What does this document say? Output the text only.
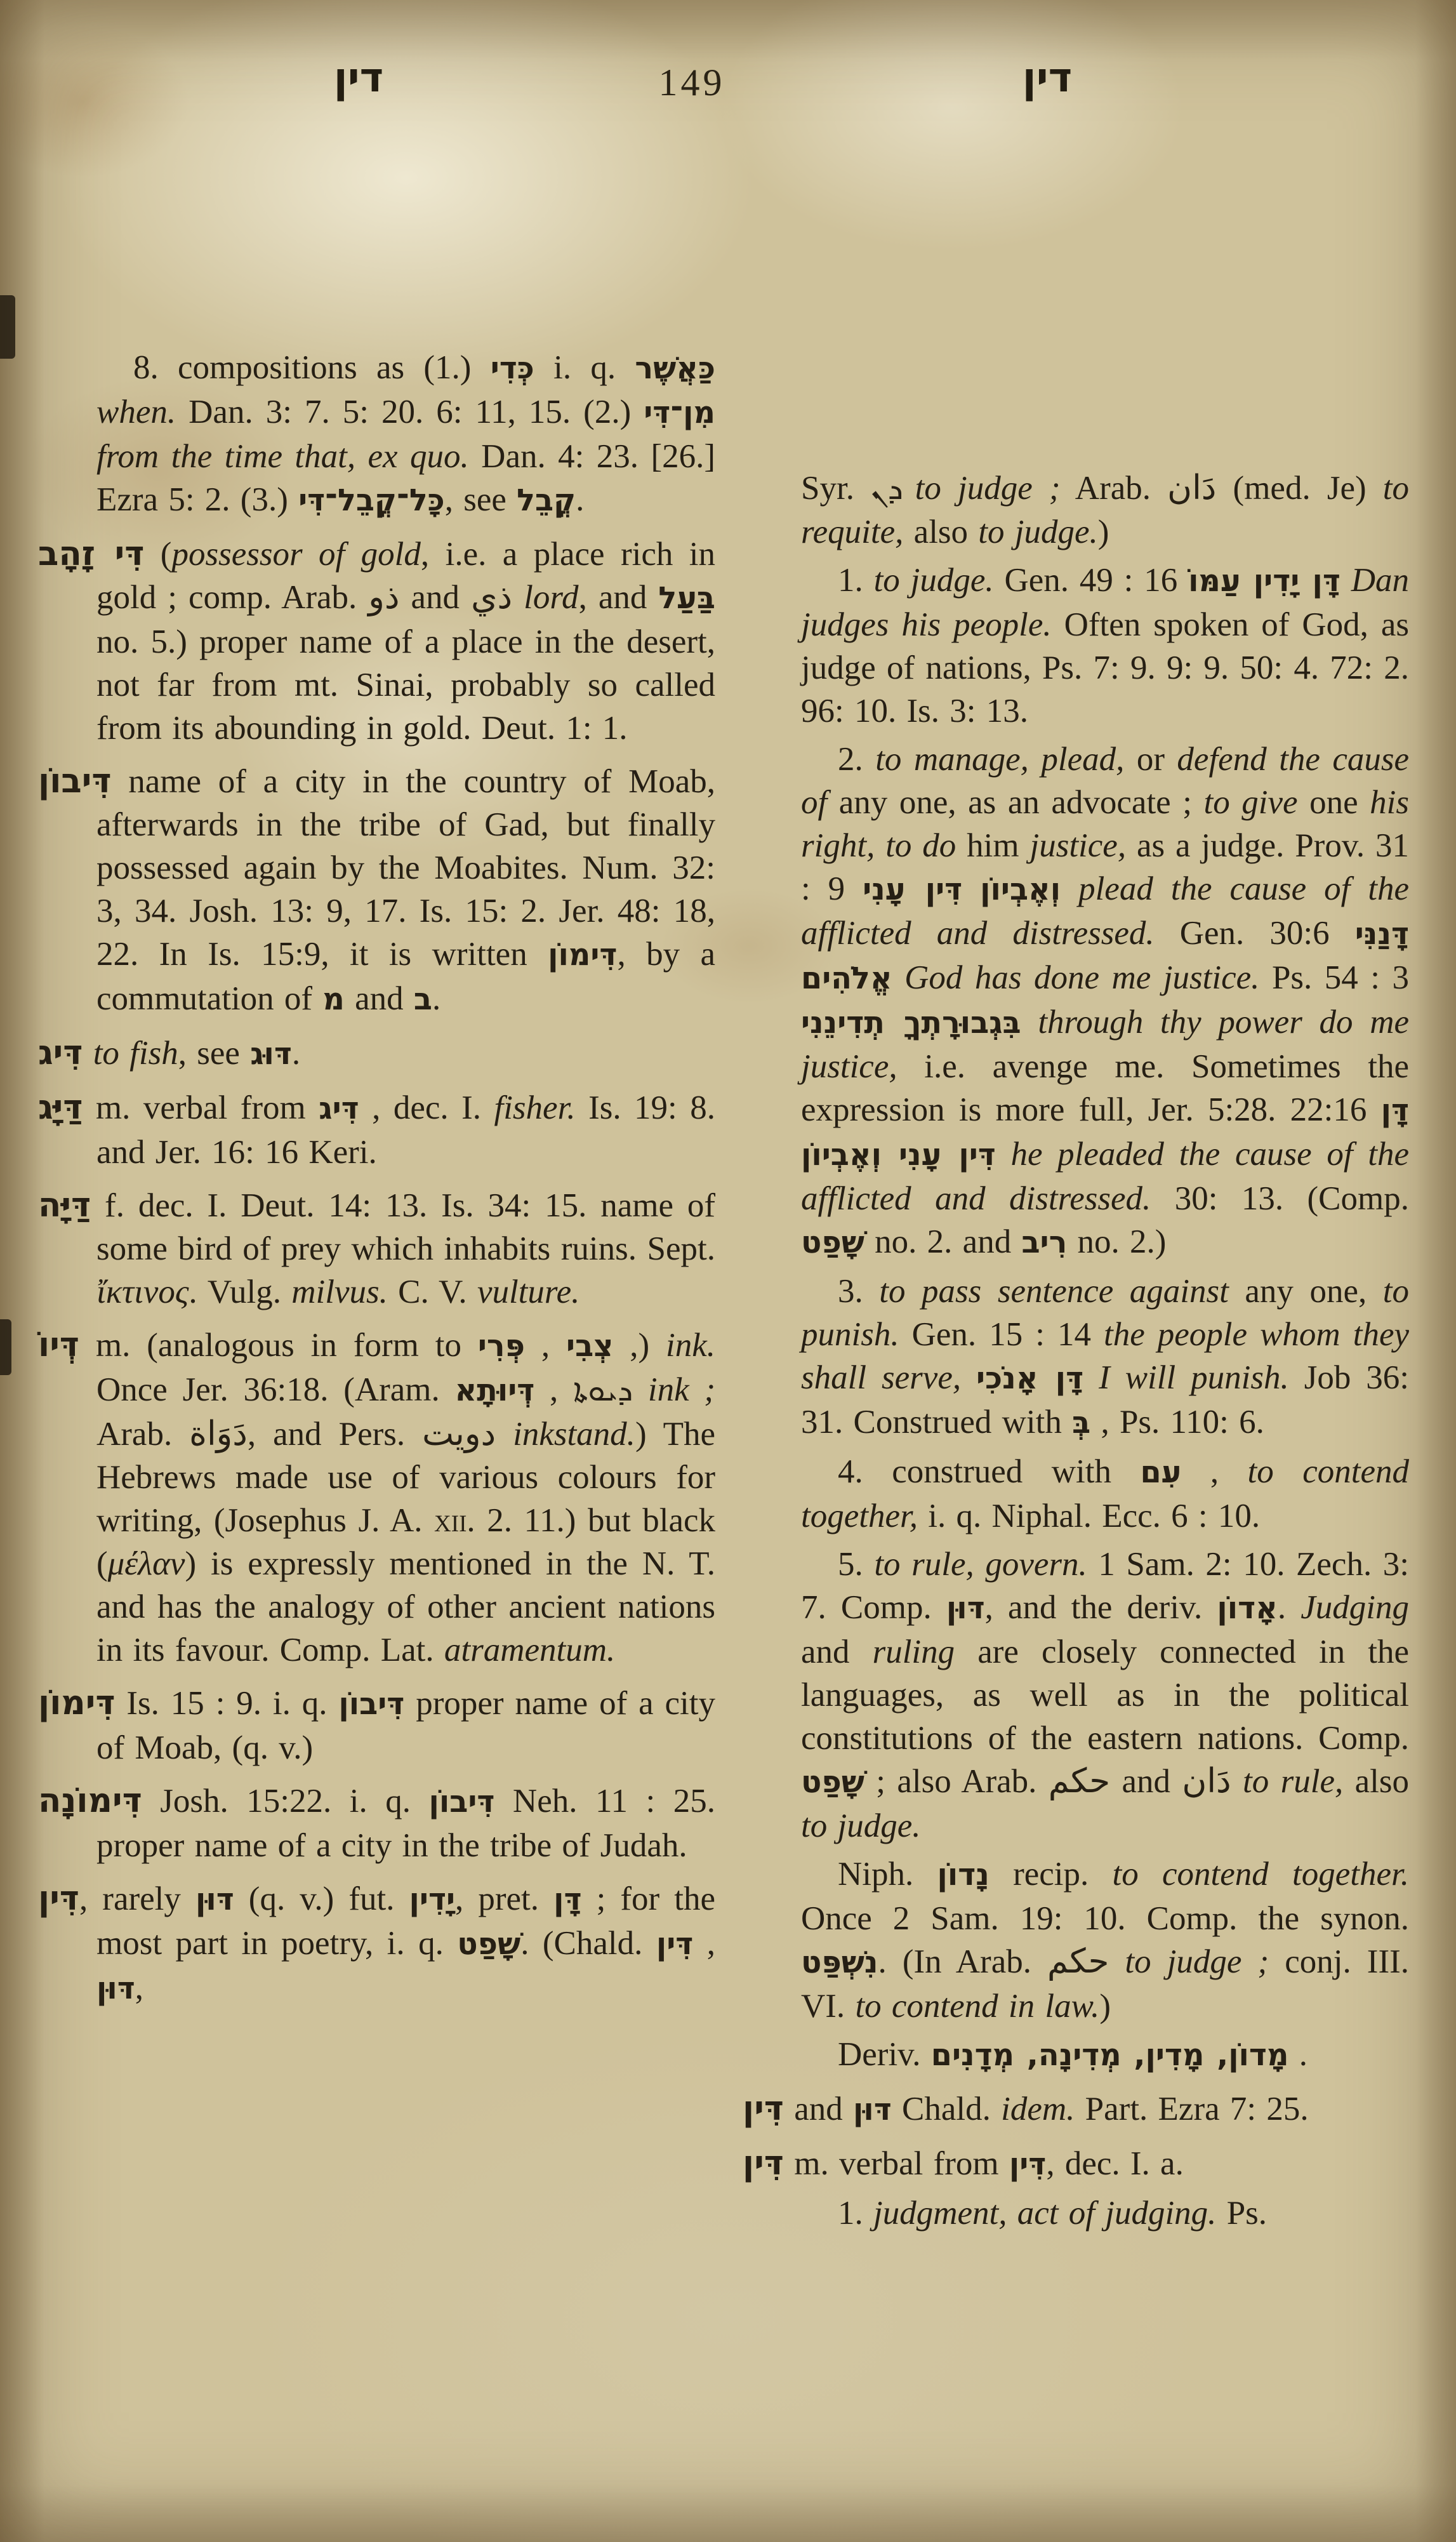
דין	149	דין

8. compositions as (1.) כְּדִי i. q. כַּאֲשֶׁר when. Dan. 3: 7. 5: 20. 6: 11, 15. (2.) מִן־דִּי from the time that, ex quo. Dan. 4: 23. [26.] Ezra 5: 2. (3.) כָּל־קֳבֵל־דִּי, see קֳבֵל.

דִּי זָהָב (possessor of gold, i.e. a place rich in gold ; comp. Arab. ذو and ذي lord, and בַּעַל no. 5.) proper name of a place in the desert, not far from mt. Sinai, probably so called from its abounding in gold. Deut. 1: 1.

דִּיבוֹן name of a city in the country of Moab, afterwards in the tribe of Gad, but finally possessed again by the Moabites. Num. 32: 3, 34. Josh. 13: 9, 17. Is. 15: 2. Jer. 48: 18, 22. In Is. 15:9, it is written דִּימוֹן, by a commutation of מ and ב.

דִּיג to fish, see דּוּג.

דַּיָּג m. verbal from דִּיג , dec. I. fisher. Is. 19: 8. and Jer. 16: 16 Keri.

דַּיָּה f. dec. I. Deut. 14: 13. Is. 34: 15. name of some bird of prey which inhabits ruins. Sept. ἴκτινος. Vulg. milvus. C. V. vulture.

דְּיוֹ m. (analogous in form to פְּרִי , צְבִי ,) ink. Once Jer. 36:18. (Aram. דְּיוּתָא , ܕܝܘܬܐ ink ; Arab. دَوَاة, and Pers. دويت inkstand.) The Hebrews made use of various colours for writing, (Josephus J. A. xii. 2. 11.) but black (μέλαν) is expressly mentioned in the N. T. and has the analogy of other ancient nations in its favour. Comp. Lat. atramentum.

דִּימוֹן Is. 15 : 9. i. q. דִּיבוֹן proper name of a city of Moab, (q. v.)

דִּימוֹנָה Josh. 15:22. i. q. דִּיבוֹן Neh. 11 : 25. proper name of a city in the tribe of Judah.

דִּין, rarely דּוּן (q. v.) fut. יָדִין, pret. דָּן ; for the most part in poetry, i. q. שָׁפַט. (Chald. דִּין , דּוּן,

Syr. ܕܢ to judge ; Arab. دَان (med. Je) to requite, also to judge.)

1. to judge. Gen. 49 : 16 דָּן יָדִין עַמּוֹ Dan judges his people. Often spoken of God, as judge of nations, Ps. 7: 9. 9: 9. 50: 4. 72: 2. 96: 10. Is. 3: 13.

2. to manage, plead, or defend the cause of any one, as an advocate ; to give one his right, to do him justice, as a judge. Prov. 31 : 9 דִּין עָנִי וְאֶבְיוֹן plead the cause of the afflicted and distressed. Gen. 30:6 דָּנַנִּי אֱלֹהִים God has done me justice. Ps. 54 : 3 בִּגְבוּרָתְךָ תְדִינֵנִי through thy power do me justice, i.e. avenge me. Sometimes the expression is more full, Jer. 5:28. 22:16 דָּן דִּין עָנִי וְאֶבְיוֹן he pleaded the cause of the afflicted and distressed. 30: 13. (Comp. שָׁפַט no. 2. and רִיב no. 2.)

3. to pass sentence against any one, to punish. Gen. 15 : 14 the people whom they shall serve, דָּן אָנֹכִי I will punish. Job 36: 31. Construed with בְּ , Ps. 110: 6.

4. construed with עִם , to contend together, i. q. Niphal. Ecc. 6 : 10.

5. to rule, govern. 1 Sam. 2: 10. Zech. 3: 7. Comp. דּוּן, and the deriv. אָדוֹן. Judging and ruling are closely connected in the languages, as well as in the political constitutions of the eastern nations. Comp. שָׁפַט ; also Arab. حكم and دَان to rule, also to judge.

Niph. נָדוֹן recip. to contend together. Once 2 Sam. 19: 10. Comp. the synon. נִשְׁפַּט. (In Arab. حكم to judge ; conj. III. VI. to contend in law.)

Deriv. מָדוֹן, מָדִין, מְדִינָה, מְדָנִים .

דִּין and דּוּן Chald. idem. Part. Ezra 7: 25.

דִּין m. verbal from דִּין, dec. I. a.

1. judgment, act of judging. Ps.
